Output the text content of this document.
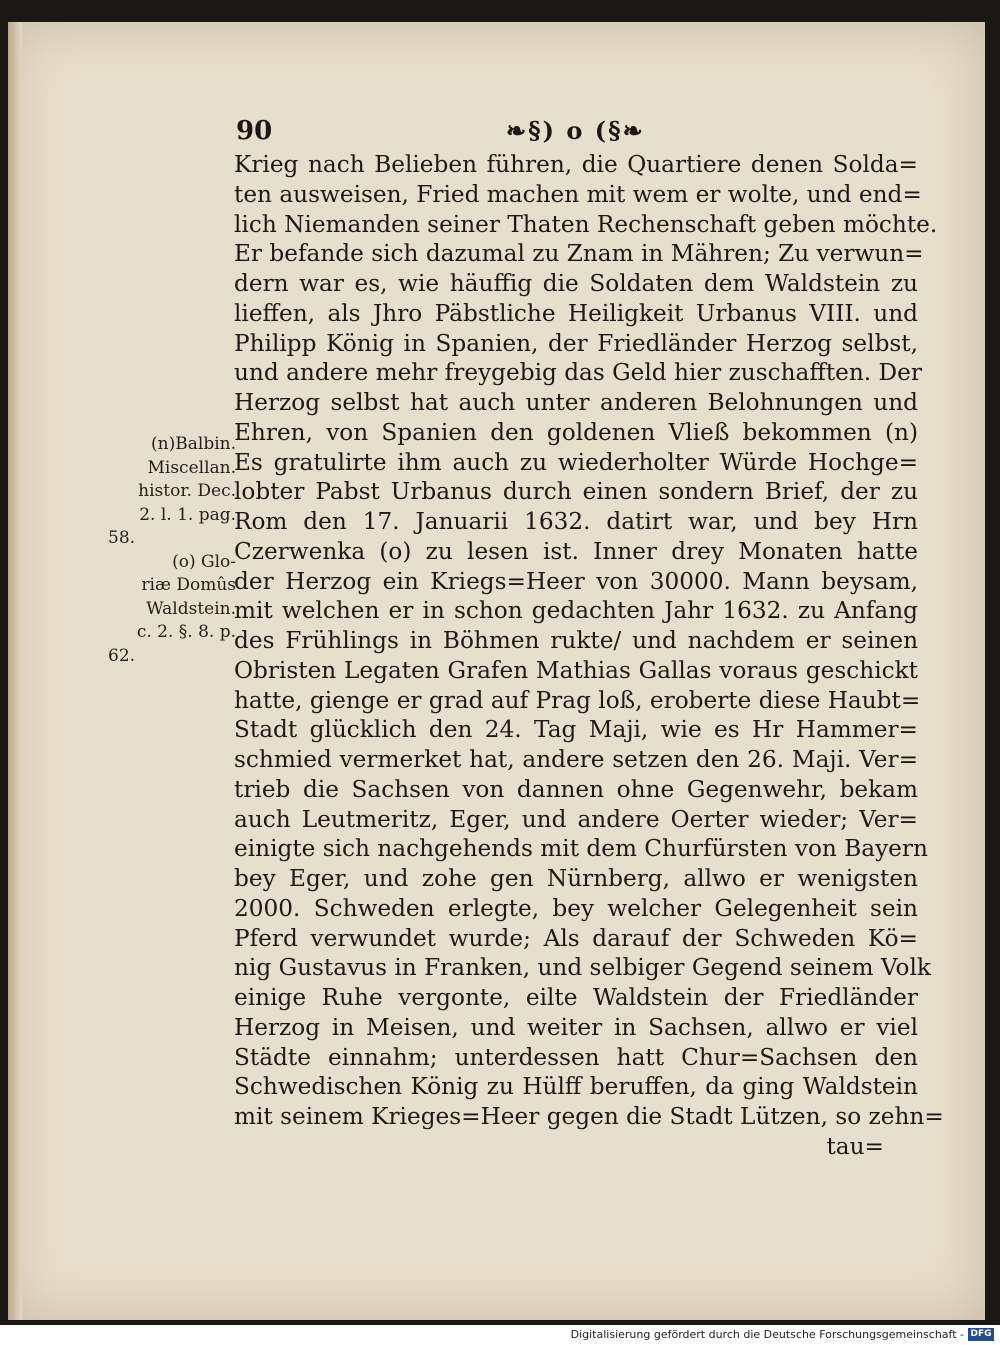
90	❧§) o (§❧
(n)Balbin.
Miscellan.
histor. Dec.
2. l. 1. pag.
58.
(o) Glo-
riæ Domûs
Waldstein.
c. 2. §. 8. p.
62.
Krieg nach Belieben führen, die Quartiere denen Solda=
ten ausweisen, Fried machen mit wem er wolte, und end=
lich Niemanden seiner Thaten Rechenschaft geben möchte.
Er befande sich dazumal zu Znam in Mähren; Zu verwun=
dern war es, wie häuffig die Soldaten dem Waldstein zu
lieffen, als Jhro Päbstliche Heiligkeit Urbanus VIII. und
Philipp König in Spanien, der Friedländer Herzog selbst,
und andere mehr freygebig das Geld hier zuschafften. Der
Herzog selbst hat auch unter anderen Belohnungen und
Ehren, von Spanien den goldenen Vließ bekommen (n)
Es gratulirte ihm auch zu wiederholter Würde Hochge=
lobter Pabst Urbanus durch einen sondern Brief, der zu
Rom den 17. Januarii 1632. datirt war, und bey Hrn
Czerwenka (o) zu lesen ist. Inner drey Monaten hatte
der Herzog ein Kriegs=Heer von 30000. Mann beysam,
mit welchen er in schon gedachten Jahr 1632. zu Anfang
des Frühlings in Böhmen rukte/ und nachdem er seinen
Obristen Legaten Grafen Mathias Gallas voraus geschickt
hatte, gienge er grad auf Prag loß, eroberte diese Haubt=
Stadt glücklich den 24. Tag Maji, wie es Hr Hammer=
schmied vermerket hat, andere setzen den 26. Maji. Ver=
trieb die Sachsen von dannen ohne Gegenwehr, bekam
auch Leutmeritz, Eger, und andere Oerter wieder; Ver=
einigte sich nachgehends mit dem Churfürsten von Bayern
bey Eger, und zohe gen Nürnberg, allwo er wenigsten
2000. Schweden erlegte, bey welcher Gelegenheit sein
Pferd verwundet wurde; Als darauf der Schweden Kö=
nig Gustavus in Franken, und selbiger Gegend seinem Volk
einige Ruhe vergonte, eilte Waldstein der Friedländer
Herzog in Meisen, und weiter in Sachsen, allwo er viel
Städte einnahm; unterdessen hatt Chur=Sachsen den
Schwedischen König zu Hülff beruffen, da ging Waldstein
mit seinem Krieges=Heer gegen die Stadt Lützen, so zehn=
tau=
Digitalisierung gefördert durch die Deutsche Forschungsgemeinschaft - DFG
